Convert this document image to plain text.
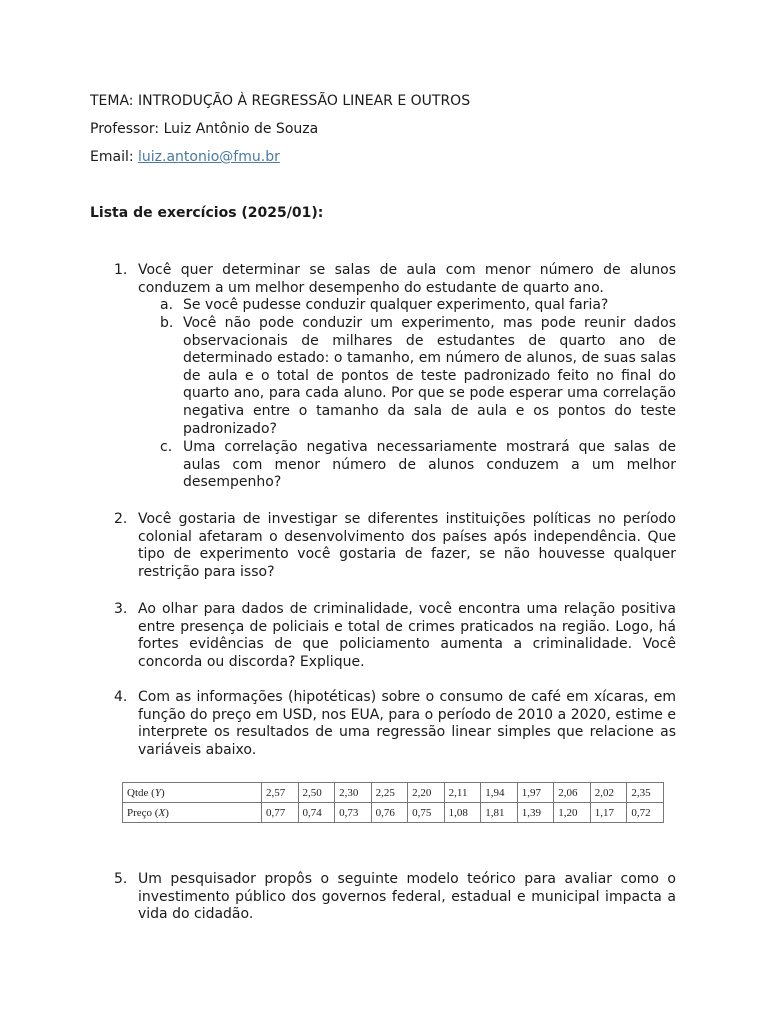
TEMA: INTRODUÇÃO À REGRESSÃO LINEAR E OUTROS
Professor: Luiz Antônio de Souza
Email: luiz.antonio@fmu.br
Lista de exercícios (2025/01):
1. Você quer determinar se salas de aula com menor número de alunos conduzem a um melhor desempenho do estudante de quarto ano.
a. Se você pudesse conduzir qualquer experimento, qual faria?
b. Você não pode conduzir um experimento, mas pode reunir dados observacionais de milhares de estudantes de quarto ano de determinado estado: o tamanho, em número de alunos, de suas salas de aula e o total de pontos de teste padronizado feito no final do quarto ano, para cada aluno. Por que se pode esperar uma correlação negativa entre o tamanho da sala de aula e os pontos do teste padronizado?
c. Uma correlação negativa necessariamente mostrará que salas de aulas com menor número de alunos conduzem a um melhor desempenho?
2. Você gostaria de investigar se diferentes instituições políticas no período colonial afetaram o desenvolvimento dos países após independência. Que tipo de experimento você gostaria de fazer, se não houvesse qualquer restrição para isso?
3. Ao olhar para dados de criminalidade, você encontra uma relação positiva entre presença de policiais e total de crimes praticados na região. Logo, há fortes evidências de que policiamento aumenta a criminalidade. Você concorda ou discorda? Explique.
4. Com as informações (hipotéticas) sobre o consumo de café em xícaras, em função do preço em USD, nos EUA, para o período de 2010 a 2020, estime e interprete os resultados de uma regressão linear simples que relacione as variáveis abaixo.
Qtde (Y)	2,57	2,50	2,30	2,25	2,20	2,11	1,94	1,97	2,06	2,02	2,35
Preço (X)	0,77	0,74	0,73	0,76	0,75	1,08	1,81	1,39	1,20	1,17	0,72
5. Um pesquisador propôs o seguinte modelo teórico para avaliar como o investimento público dos governos federal, estadual e municipal impacta a vida do cidadão.
